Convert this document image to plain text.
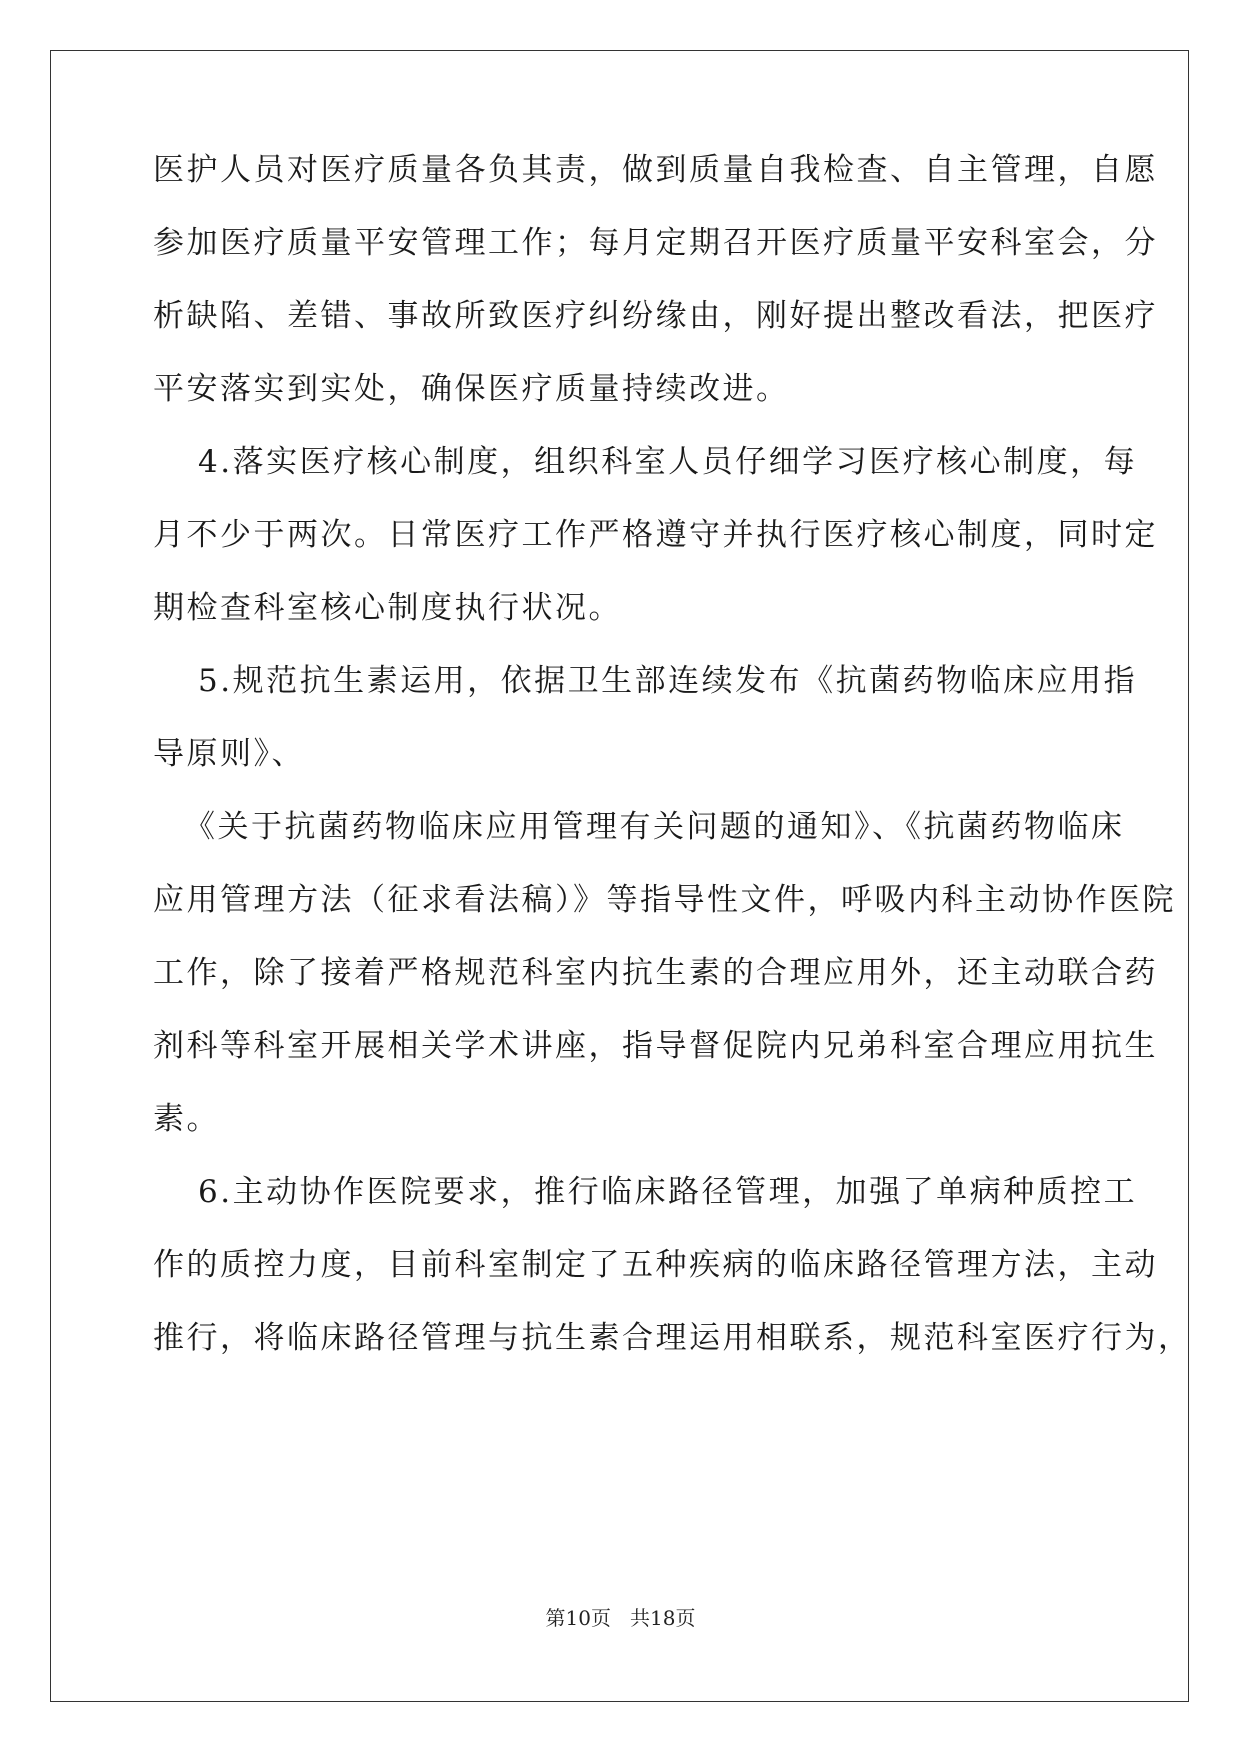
医护人员对医疗质量各负其责，做到质量自我检查、自主管理，自愿
参加医疗质量平安管理工作；每月定期召开医疗质量平安科室会，分
析缺陷、差错、事故所致医疗纠纷缘由，刚好提出整改看法，把医疗
平安落实到实处，确保医疗质量持续改进。
4.落实医疗核心制度，组织科室人员仔细学习医疗核心制度，每
月不少于两次。日常医疗工作严格遵守并执行医疗核心制度，同时定
期检查科室核心制度执行状况。
5.规范抗生素运用，依据卫生部连续发布《抗菌药物临床应用指
导原则》、
《关于抗菌药物临床应用管理有关问题的通知》、《抗菌药物临床
应用管理方法（征求看法稿）》等指导性文件，呼吸内科主动协作医院
工作，除了接着严格规范科室内抗生素的合理应用外，还主动联合药
剂科等科室开展相关学术讲座，指导督促院内兄弟科室合理应用抗生
素。
6.主动协作医院要求，推行临床路径管理，加强了单病种质控工
作的质控力度，目前科室制定了五种疾病的临床路径管理方法，主动
推行，将临床路径管理与抗生素合理运用相联系，规范科室医疗行为，
第10页 共18页
